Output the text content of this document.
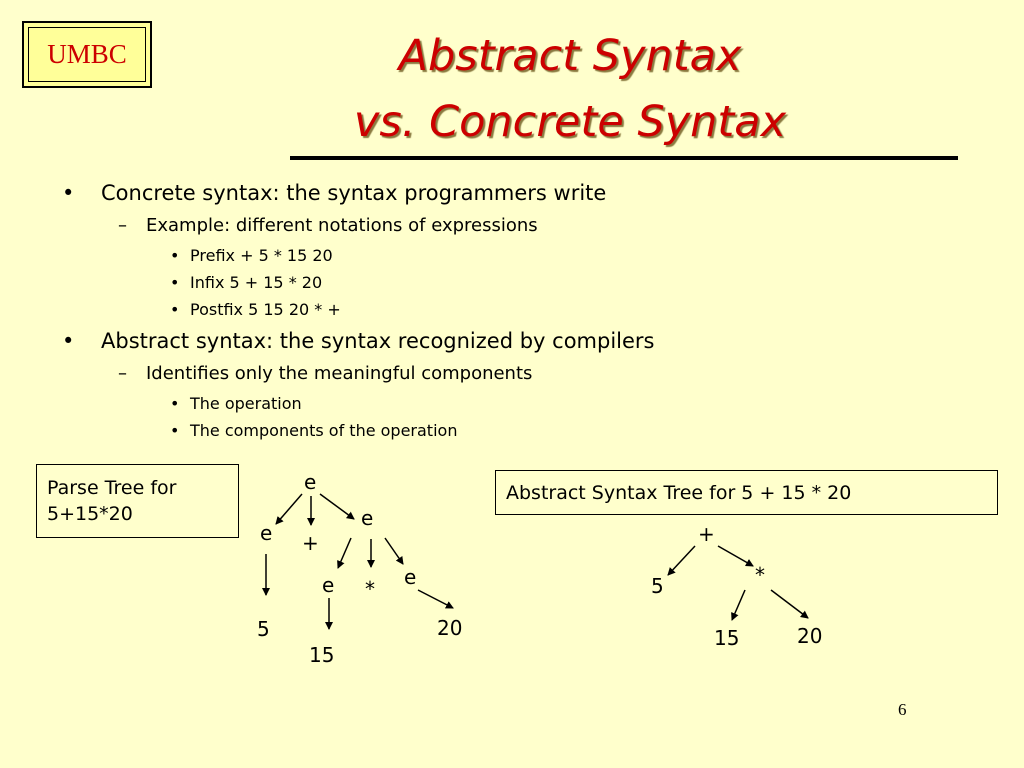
UMBC	Abstract Syntax
vs. Concrete Syntax
• Concrete syntax: the syntax programmers write
– Example: different notations of expressions
• Prefix + 5 * 15 20
• Infix 5 + 15 * 20
• Postfix 5 15 20 * +
• Abstract syntax: the syntax recognized by compilers
– Identifies only the meaningful components
• The operation
• The components of the operation
Parse Tree for
5+15*20
Abstract Syntax Tree for 5 + 15 * 20
e
e +
e
5
e * e
15
20
+
5	*
15	20
6
